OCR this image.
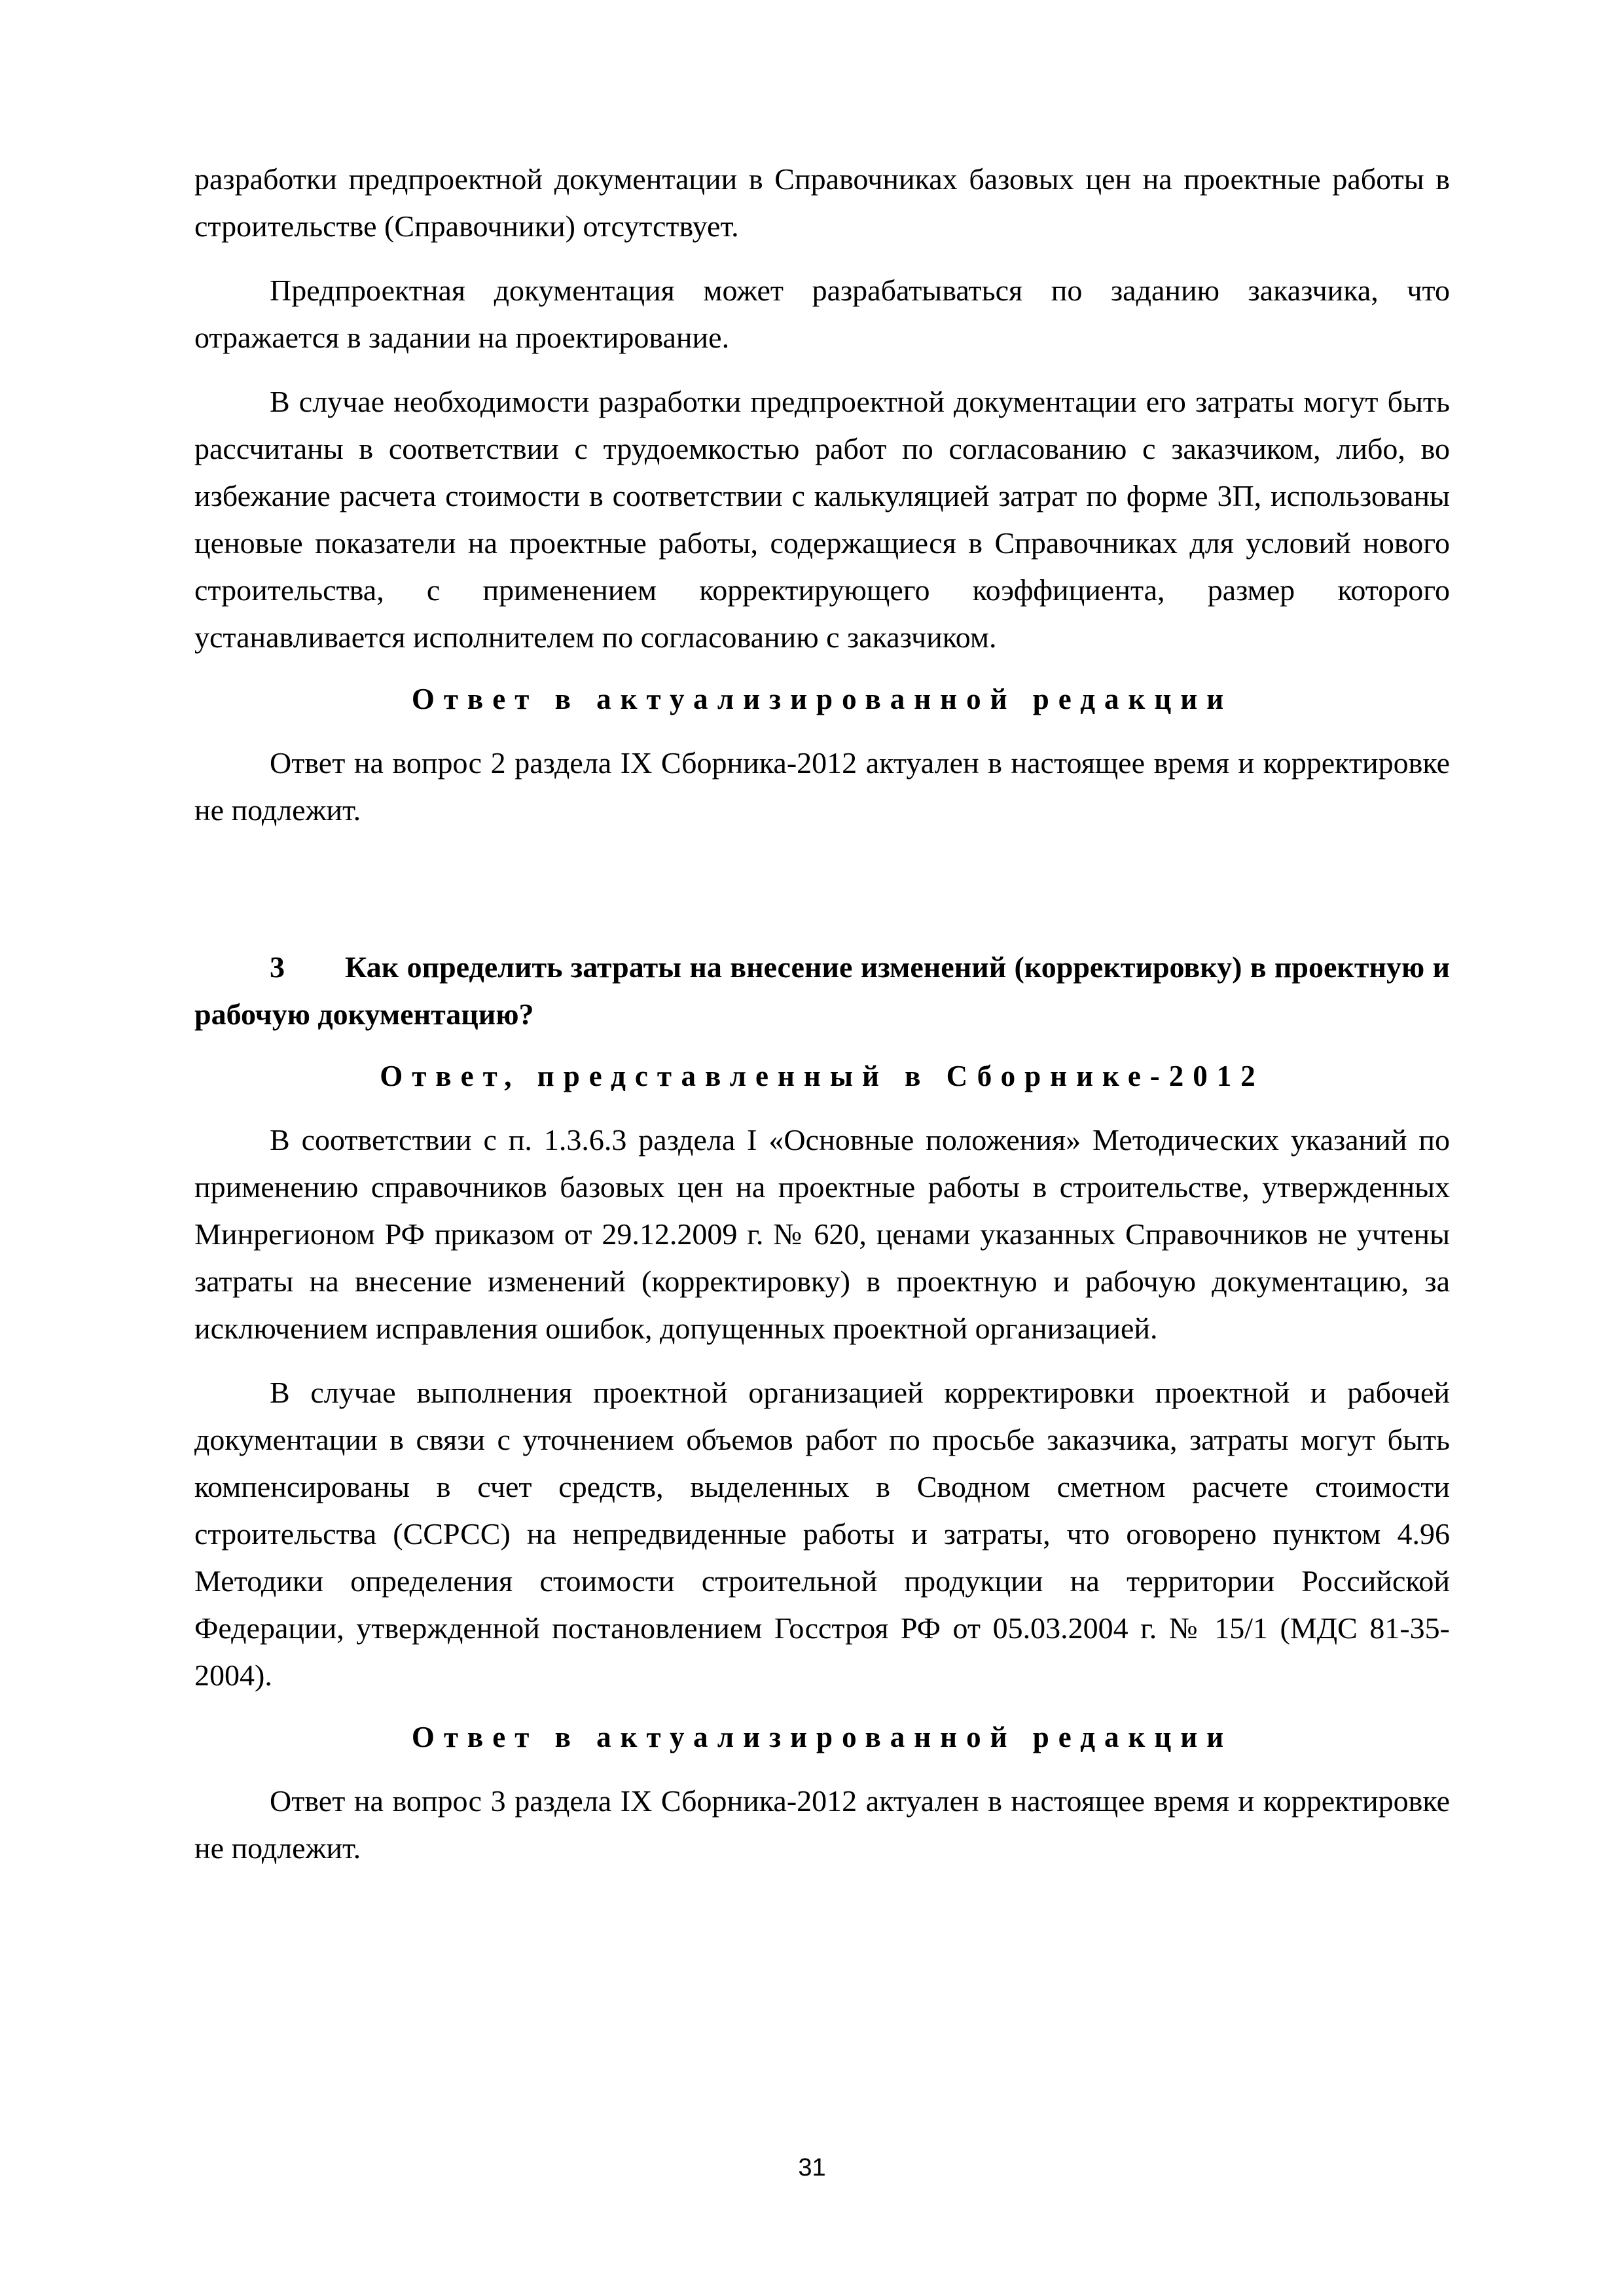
разработки предпроектной документации в Справочниках базовых цен на проектные работы в строительстве (Справочники) отсутствует.

Предпроектная документация может разрабатываться по заданию заказчика, что отражается в задании на проектирование.

В случае необходимости разработки предпроектной документации его затраты могут быть рассчитаны в соответствии с трудоемкостью работ по согласованию с заказчиком, либо, во избежание расчета стоимости в соответствии с калькуляцией затрат по форме 3П, использованы ценовые показатели на проектные работы, содержащиеся в Справочниках для условий нового строительства, с применением корректирующего коэффициента, размер которого устанавливается исполнителем по согласованию с заказчиком.

Ответ в актуализированной редакции

Ответ на вопрос 2 раздела IX Сборника-2012 актуален в настоящее время и корректировке не подлежит.

3 Как определить затраты на внесение изменений (корректировку) в проектную и рабочую документацию?

Ответ, представленный в Сборнике-2012

В соответствии с п. 1.3.6.3 раздела I «Основные положения» Методических указаний по применению справочников базовых цен на проектные работы в строительстве, утвержденных Минрегионом РФ приказом от 29.12.2009 г. № 620, ценами указанных Справочников не учтены затраты на внесение изменений (корректировку) в проектную и рабочую документацию, за исключением исправления ошибок, допущенных проектной организацией.

В случае выполнения проектной организацией корректировки проектной и рабочей документации в связи с уточнением объемов работ по просьбе заказчика, затраты могут быть компенсированы в счет средств, выделенных в Сводном сметном расчете стоимости строительства (ССРСС) на непредвиденные работы и затраты, что оговорено пунктом 4.96 Методики определения стоимости строительной продукции на территории Российской Федерации, утвержденной постановлением Госстроя РФ от 05.03.2004 г. № 15/1 (МДС 81-35-2004).

Ответ в актуализированной редакции

Ответ на вопрос 3 раздела IX Сборника-2012 актуален в настоящее время и корректировке не подлежит.

31
